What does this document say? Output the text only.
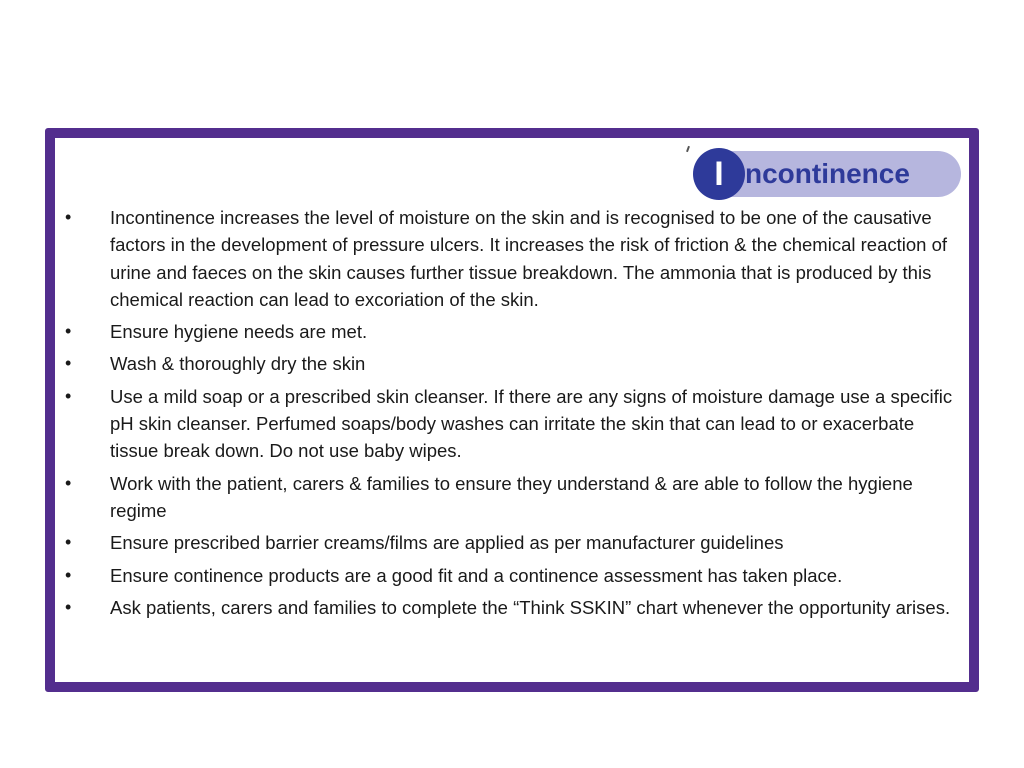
I ncontinence
•	Incontinence increases the level of moisture on the skin and is recognised to be one of the causative factors in the development of pressure ulcers. It increases the risk of friction & the chemical reaction of urine and faeces on the skin causes further tissue breakdown. The ammonia that is produced by this chemical reaction can lead to excoriation of the skin.
•	Ensure hygiene needs are met.
•	Wash & thoroughly dry the skin
•	Use a mild soap or a prescribed skin cleanser. If there are any signs of moisture damage use a specific pH skin cleanser. Perfumed soaps/body washes can irritate the skin that can lead to or exacerbate tissue break down. Do not use baby wipes.
•	Work with the patient, carers & families to ensure they understand & are able to follow the hygiene regime
•	Ensure prescribed barrier creams/films are applied as per manufacturer guidelines
•	Ensure continence products are a good fit and a continence assessment has taken place.
•	Ask patients, carers and families to complete the “Think SSKIN” chart whenever the opportunity arises.
